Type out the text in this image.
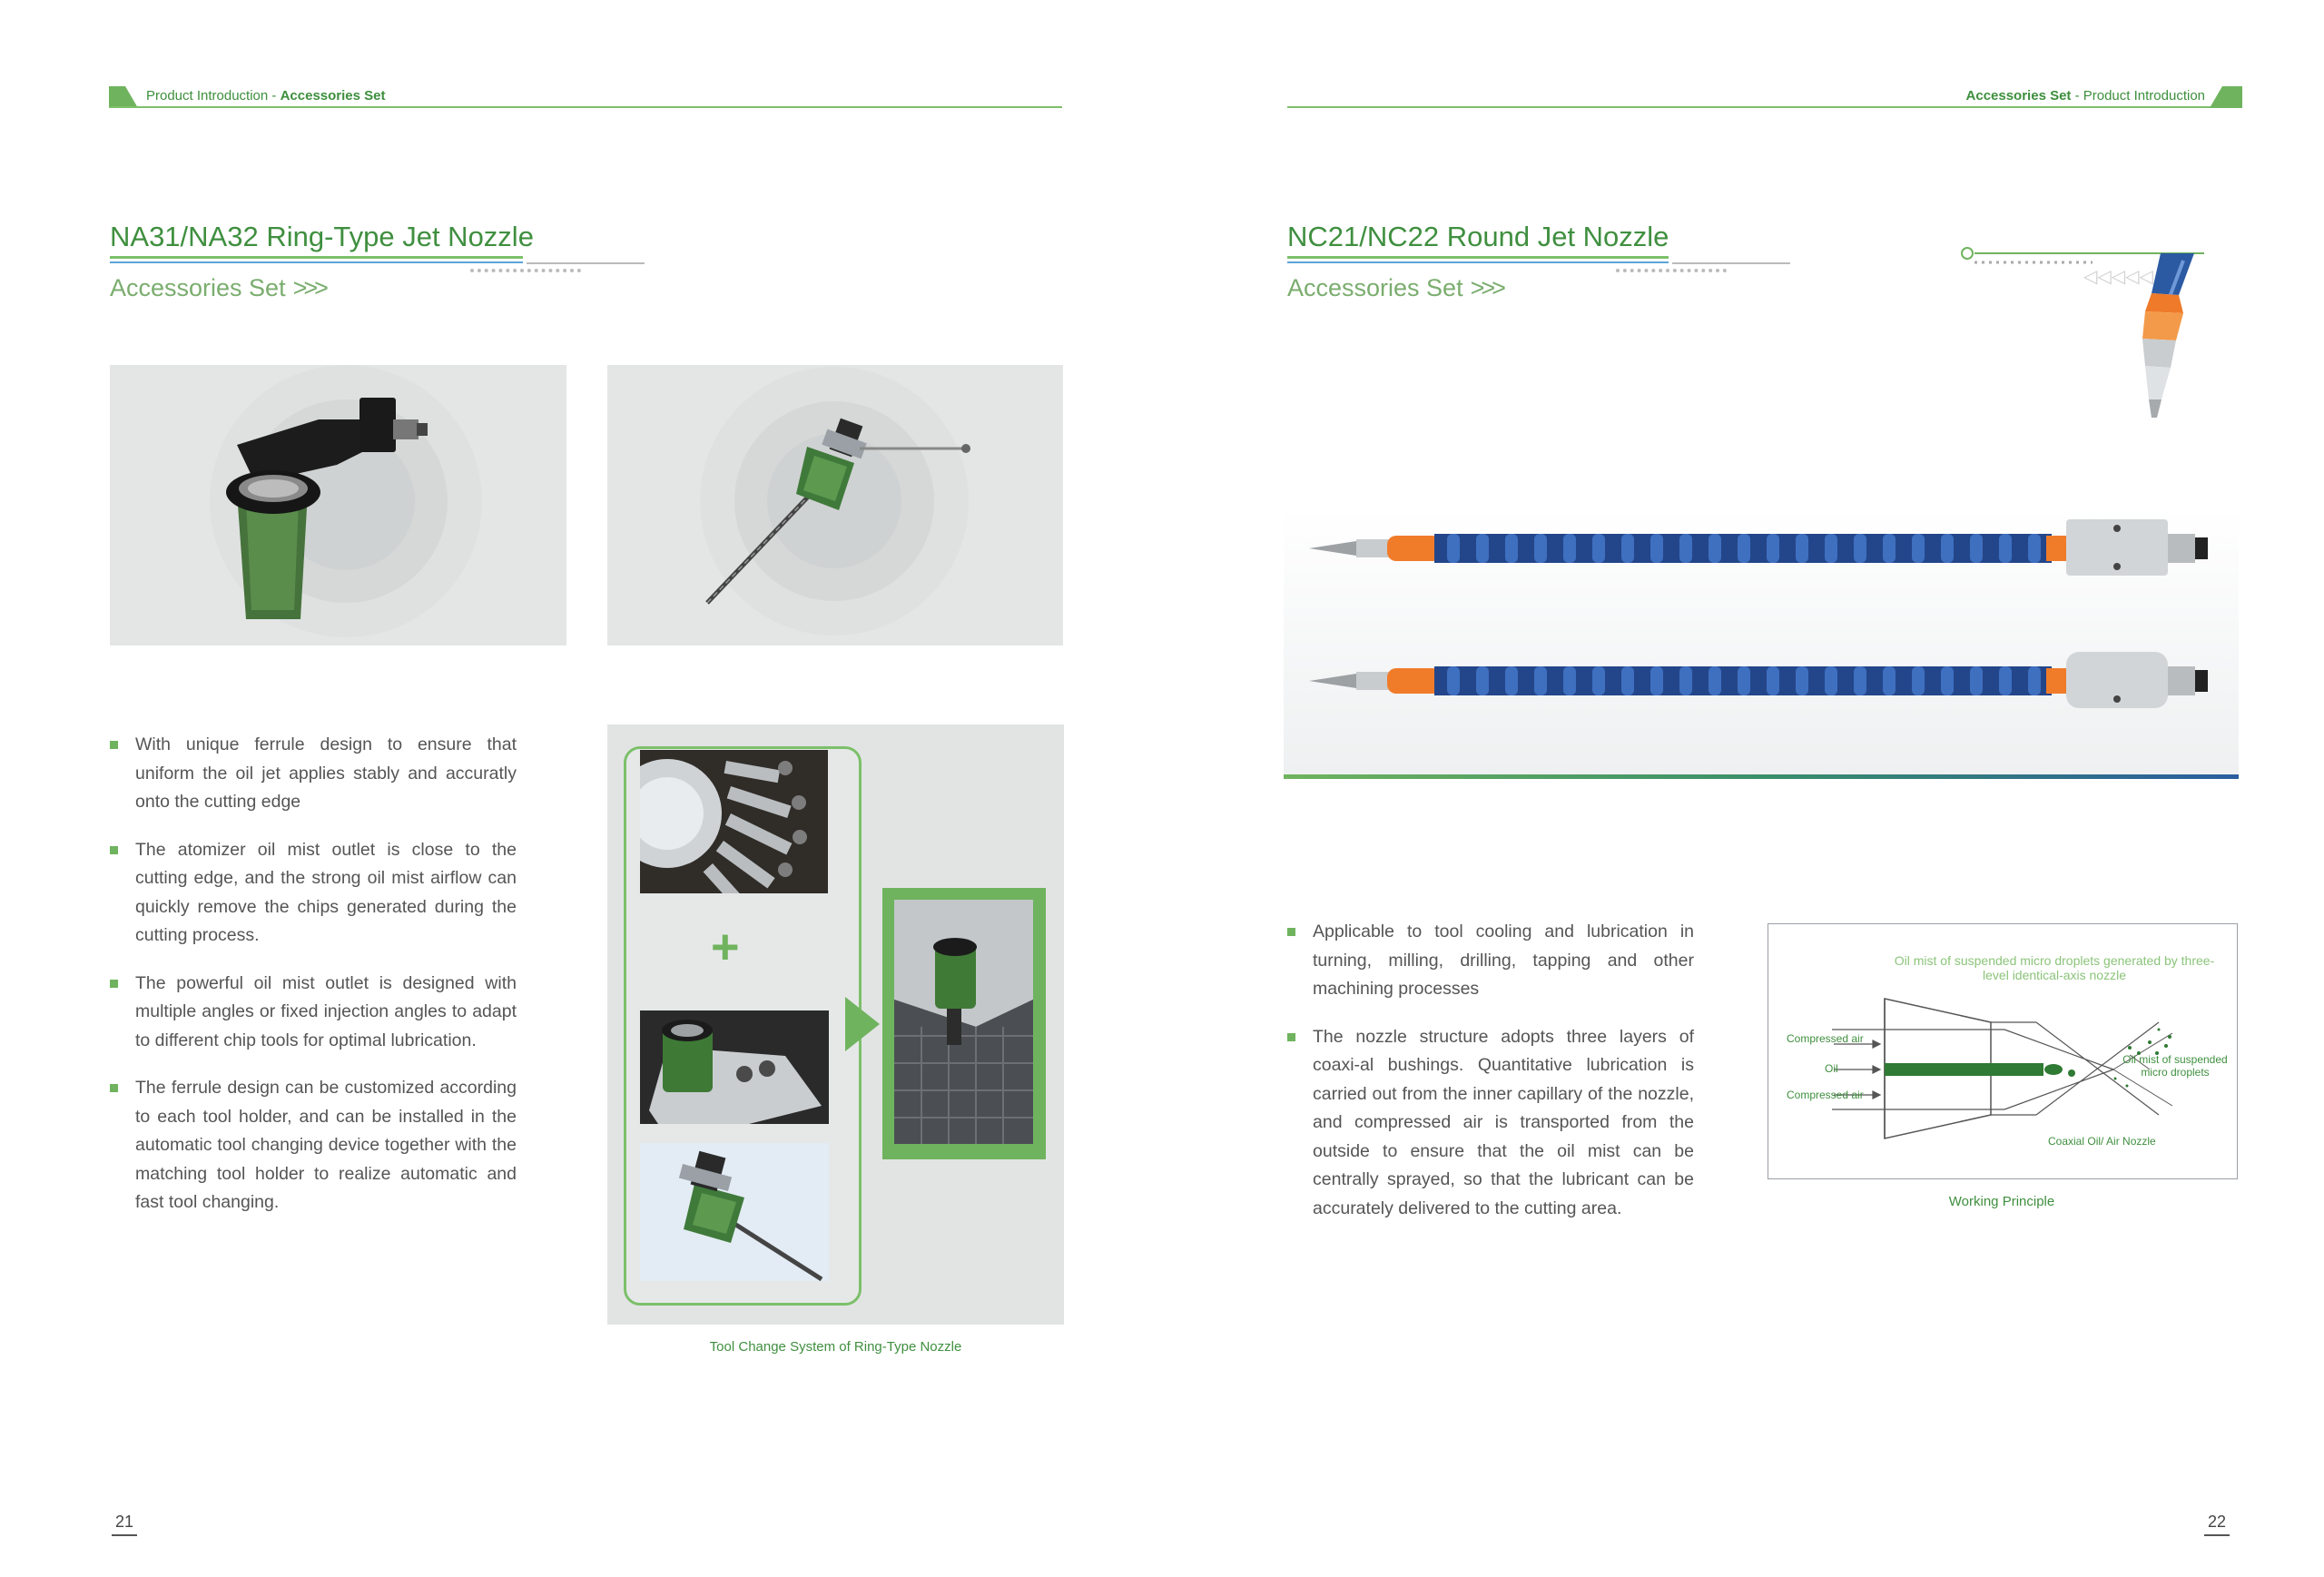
Product Introduction - Accessories Set
NA31/NA32 Ring-Type Jet Nozzle
Accessories Set >>>
With unique ferrule design to ensure that uniform the oil jet applies stably and accuratly onto the cutting edge
The atomizer oil mist outlet is close to the cutting edge, and the strong oil mist airflow can quickly remove the chips generated during the cutting process.
The powerful oil mist outlet is designed with multiple angles or fixed injection angles to adapt to different chip tools for optimal lubrication.
The ferrule design can be customized according to each tool holder, and can be installed in the automatic tool changing device together with the matching tool holder to realize automatic and fast tool changing.
+
Tool Change System of Ring-Type Nozzle
21
Accessories Set - Product Introduction
NC21/NC22 Round Jet Nozzle
Accessories Set >>>	◁◁◁◁◁
Applicable to tool cooling and lubrication in turning, milling, drilling, tapping and other machining processes
The nozzle structure adopts three layers of coaxi-al bushings. Quantitative lubrication is carried out from the inner capillary of the nozzle, and compressed air is transported from the outside to ensure that the oil mist can be centrally sprayed, so that the lubricant can be accurately delivered to the cutting area.
Oil mist of suspended micro droplets generated by three-level identical-axis nozzle
Compressed air
Oil
Compressed air
Oil mist of suspended micro droplets
Coaxial Oil/ Air Nozzle
Working Principle
22
